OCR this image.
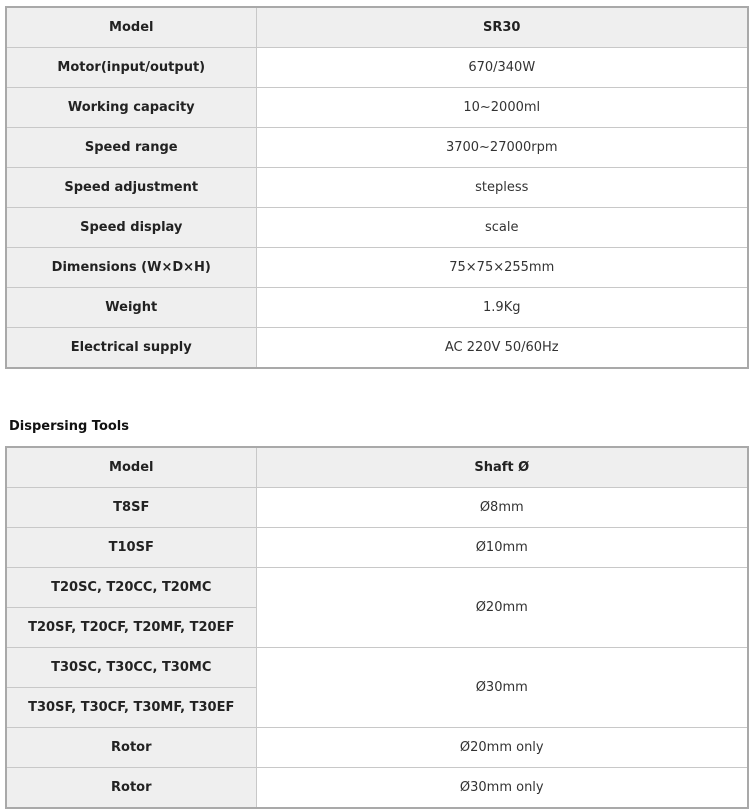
Model	SR30
Motor(input/output)	670/340W
Working capacity	10~2000ml
Speed range	3700~27000rpm
Speed adjustment	stepless
Speed display	scale
Dimensions (W×D×H)	75×75×255mm
Weight	1.9Kg
Electrical supply	AC 220V 50/60Hz
Dispersing Tools
Model	Shaft Ø
T8SF	Ø8mm
T10SF	Ø10mm
T20SC, T20CC, T20MC	Ø20mm
T20SF, T20CF, T20MF, T20EF	
T30SC, T30CC, T30MC	Ø30mm
T30SF, T30CF, T30MF, T30EF	
Rotor	Ø20mm only
Rotor	Ø30mm only
